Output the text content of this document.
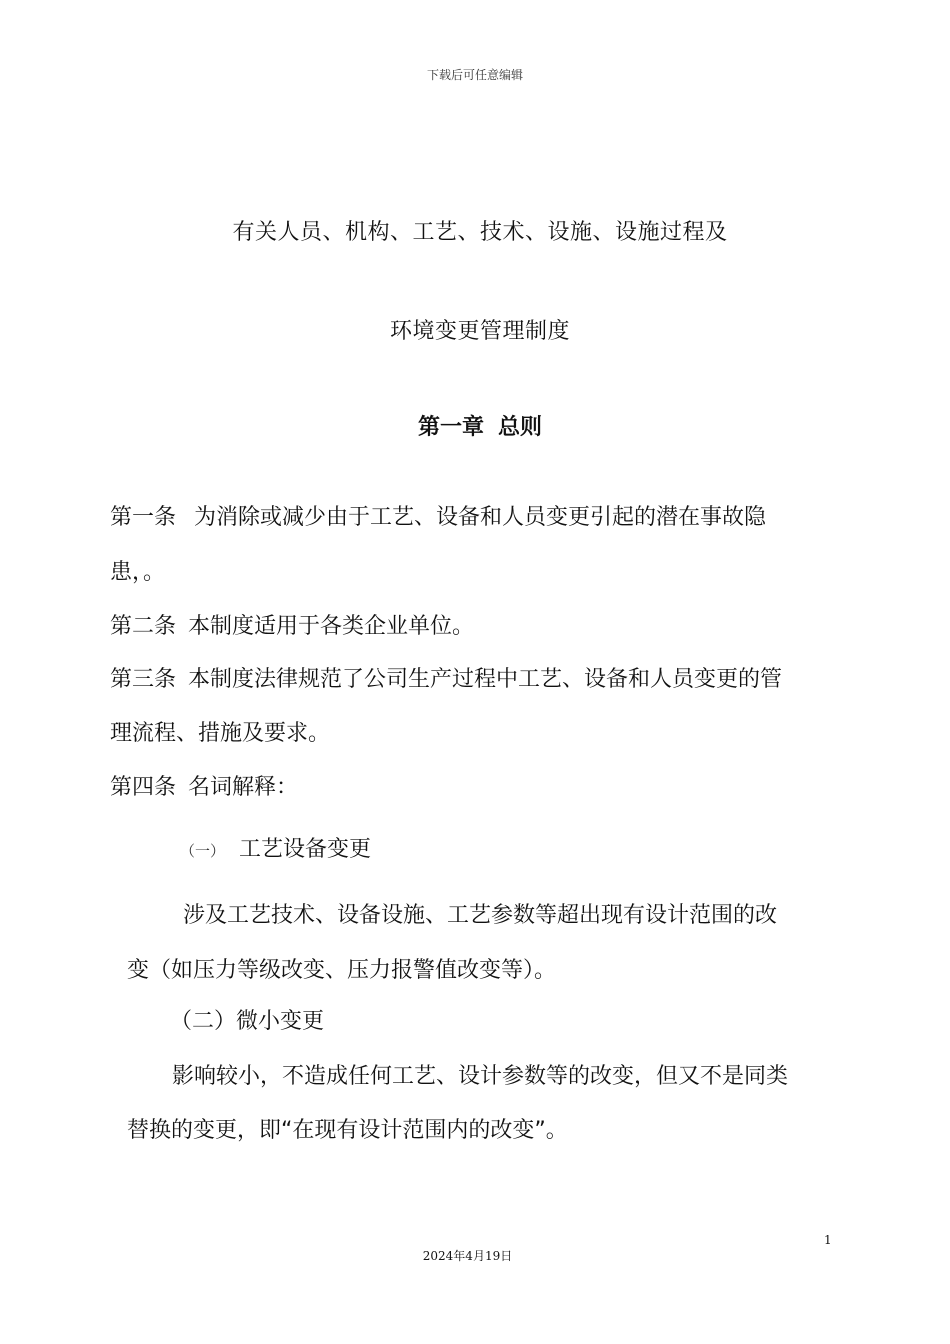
下载后可任意编辑
有关人员、机构、工艺、技术、设施、设施过程及
环境变更管理制度
第一章 总则
第一条 为消除或减少由于工艺、设备和人员变更引起的潜在事故隐
患，。
第二条 本制度适用于各类企业单位。
第三条 本制度法律规范了公司生产过程中工艺、设备和人员变更的管
理流程、措施及要求。
第四条 名词解释：
（一） 工艺设备变更
涉及工艺技术、设备设施、工艺参数等超出现有设计范围的改
变（如压力等级改变、压力报警值改变等）。
（二）微小变更
影响较小，不造成任何工艺、设计参数等的改变，但又不是同类
替换的变更，即“在现有设计范围内的改变”。
1
2024年4月19日
